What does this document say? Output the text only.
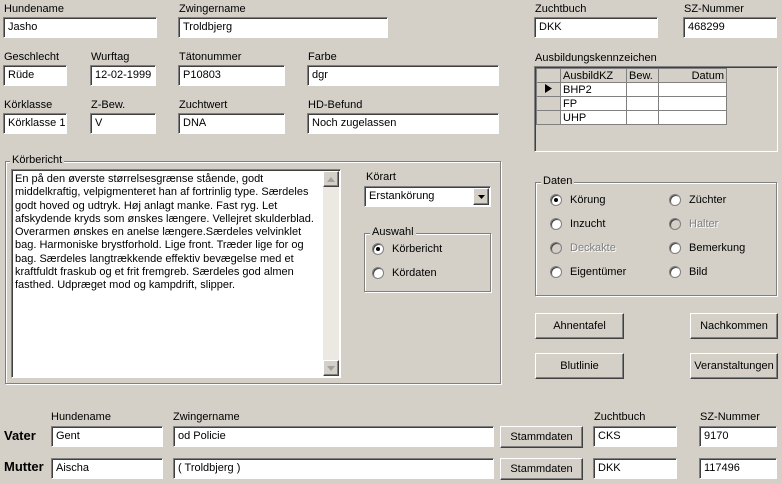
Hundename
Jasho
Zwingername
Troldbjerg
Zuchtbuch
DKK
SZ-Nummer
468299
Geschlecht
Rüde
Wurftag
12-02-1999
Tätonummer
P10803
Farbe
dgr
Körklasse
Körklasse 1
Z-Bew.
V
Zuchtwert
DNA
HD-Befund
Noch zugelassen
Ausbildungskennzeichen
	AusbildKZ	Bew.	Datum
	BHP2		
	FP		
	UHP		
Körbericht
En på den øverste størrelsesgrænse stående, godt middelkraftig, velpigmenteret han af fortrinlig type. Særdeles godt hoved og udtryk. Høj anlagt manke. Fast ryg. Let afskydende kryds som ønskes længere. Vellejret skulderblad. Overarmen ønskes en anelse længere.Særdeles velvinklet bag. Harmoniske brystforhold. Lige front. Træder lige for og bag. Særdeles langtrækkende effektiv bevægelse med et kraftfuldt fraskub og et frit fremgreb. Særdeles god almen fasthed. Udpræget mod og kampdrift, slipper.
Körart
Erstankörung
Auswahl
Körbericht
Kördaten
Daten
Körung	Züchter
Inzucht	Halter
Deckakte	Bemerkung
Eigentümer	Bild
Ahnentafel	Nachkommen
Blutlinie	Veranstaltungen
Hundename	Zwingername	Zuchtbuch	SZ-Nummer
Vater	Gent	od Policie	Stammdaten	CKS	9170
Mutter	Aischa	( Troldbjerg )	Stammdaten	DKK	117496
